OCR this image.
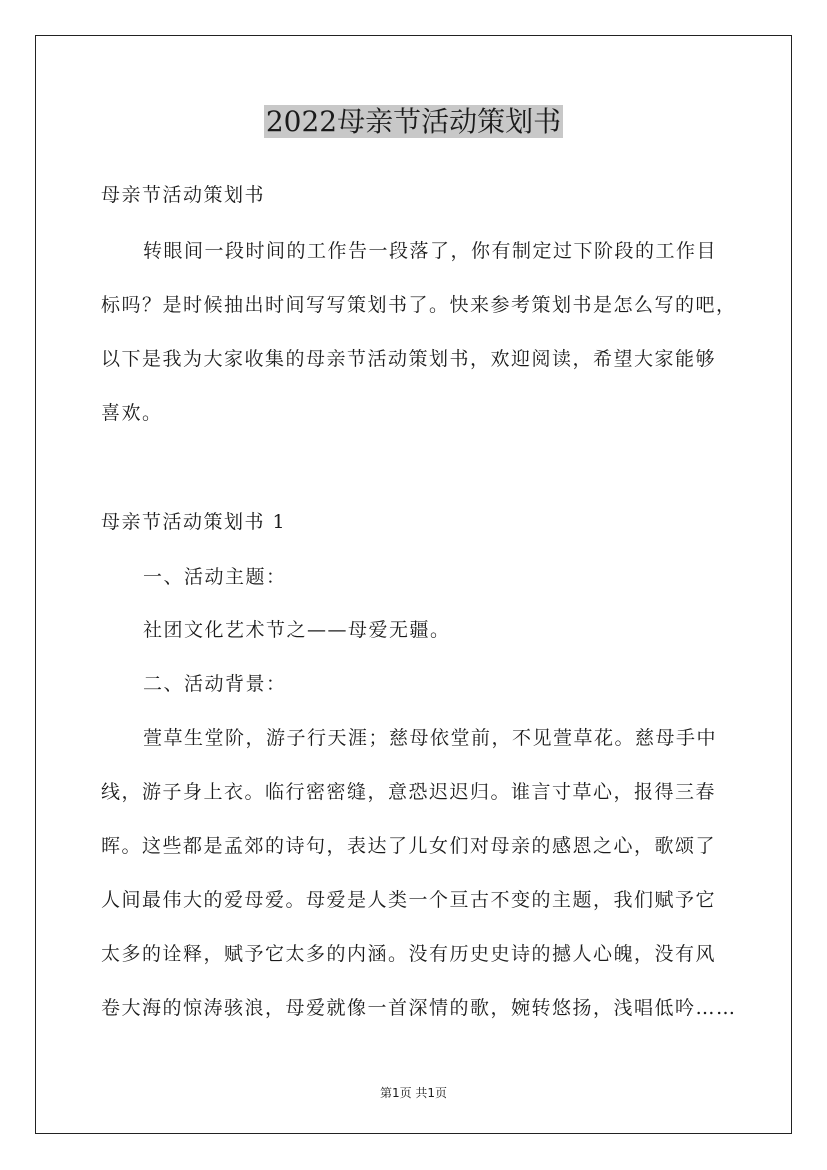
2022母亲节活动策划书
母亲节活动策划书
转眼间一段时间的工作告一段落了，你有制定过下阶段的工作目
标吗？是时候抽出时间写写策划书了。快来参考策划书是怎么写的吧，
以下是我为大家收集的母亲节活动策划书，欢迎阅读，希望大家能够
喜欢。
母亲节活动策划书 1
一、活动主题：
社团文化艺术节之——母爱无疆。
二、活动背景：
萱草生堂阶，游子行天涯；慈母依堂前，不见萱草花。慈母手中
线，游子身上衣。临行密密缝，意恐迟迟归。谁言寸草心，报得三春
晖。这些都是孟郊的诗句，表达了儿女们对母亲的感恩之心，歌颂了
人间最伟大的爱母爱。母爱是人类一个亘古不变的主题，我们赋予它
太多的诠释，赋予它太多的内涵。没有历史史诗的撼人心魄，没有风
卷大海的惊涛骇浪，母爱就像一首深情的歌，婉转悠扬，浅唱低吟……
第1页 共1页
